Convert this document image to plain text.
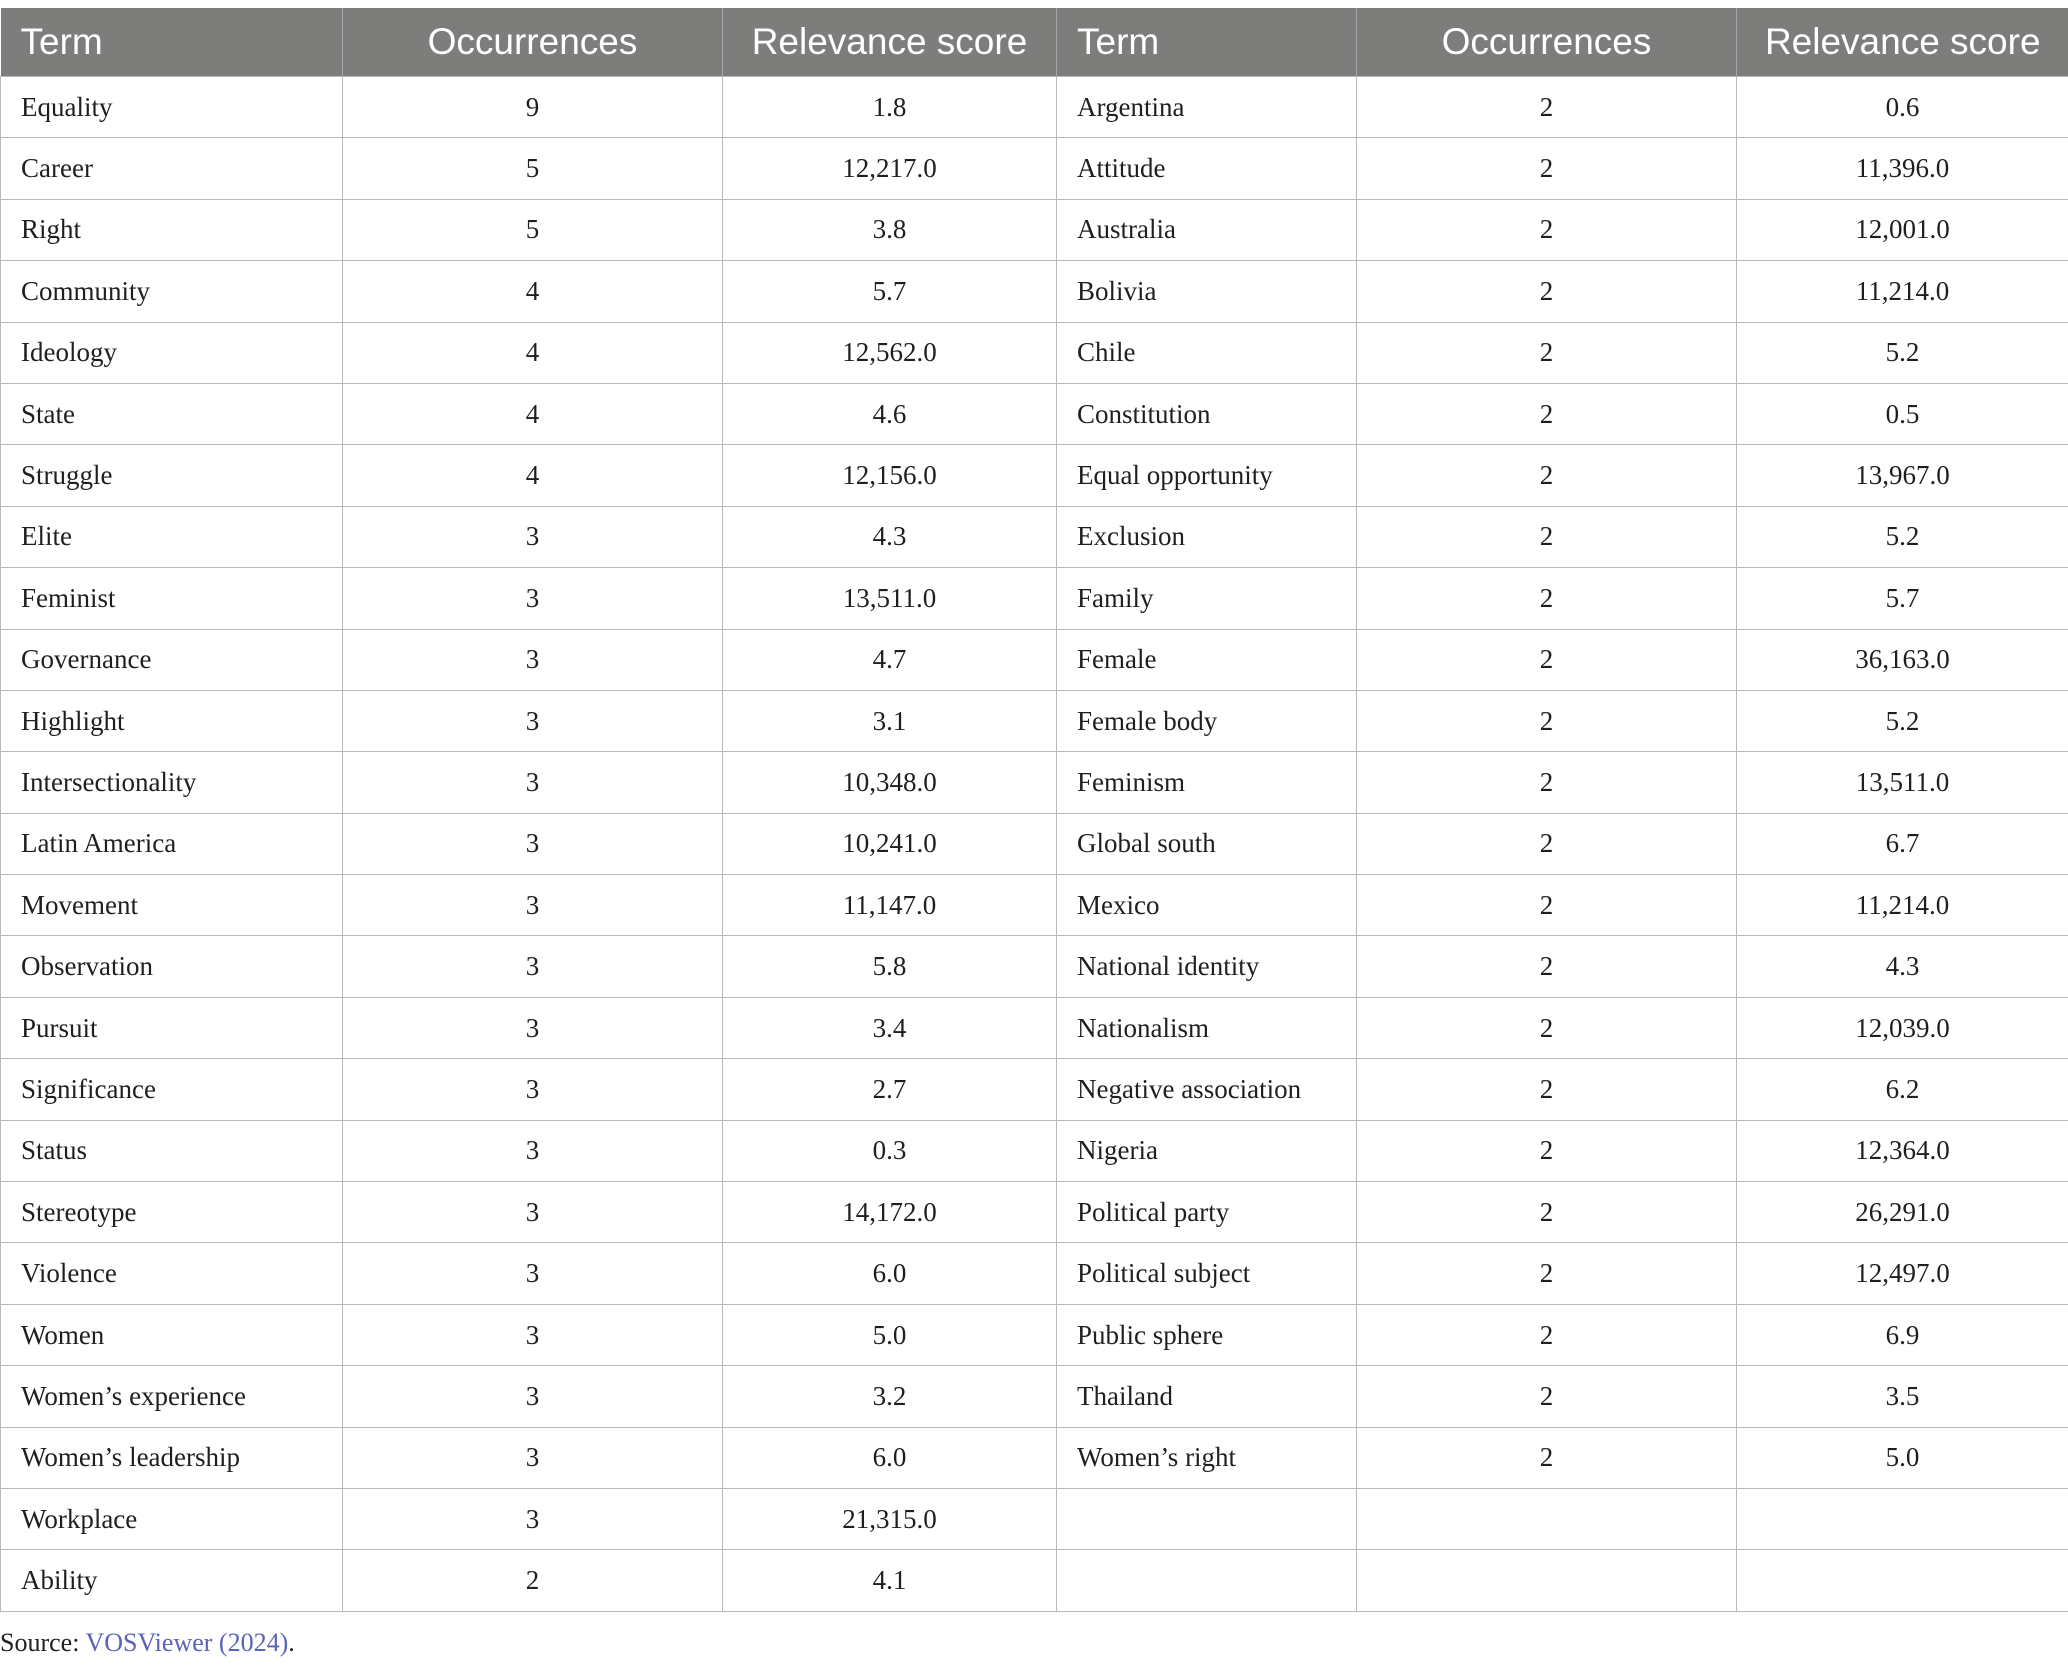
Term	Occurrences	Relevance score	Term	Occurrences	Relevance score
Equality	9	1.8	Argentina	2	0.6
Career	5	12,217.0	Attitude	2	11,396.0
Right	5	3.8	Australia	2	12,001.0
Community	4	5.7	Bolivia	2	11,214.0
Ideology	4	12,562.0	Chile	2	5.2
State	4	4.6	Constitution	2	0.5
Struggle	4	12,156.0	Equal opportunity	2	13,967.0
Elite	3	4.3	Exclusion	2	5.2
Feminist	3	13,511.0	Family	2	5.7
Governance	3	4.7	Female	2	36,163.0
Highlight	3	3.1	Female body	2	5.2
Intersectionality	3	10,348.0	Feminism	2	13,511.0
Latin America	3	10,241.0	Global south	2	6.7
Movement	3	11,147.0	Mexico	2	11,214.0
Observation	3	5.8	National identity	2	4.3
Pursuit	3	3.4	Nationalism	2	12,039.0
Significance	3	2.7	Negative association	2	6.2
Status	3	0.3	Nigeria	2	12,364.0
Stereotype	3	14,172.0	Political party	2	26,291.0
Violence	3	6.0	Political subject	2	12,497.0
Women	3	5.0	Public sphere	2	6.9
Women’s experience	3	3.2	Thailand	2	3.5
Women’s leadership	3	6.0	Women’s right	2	5.0
Workplace	3	21,315.0			
Ability	2	4.1			
Source: VOSViewer (2024).
